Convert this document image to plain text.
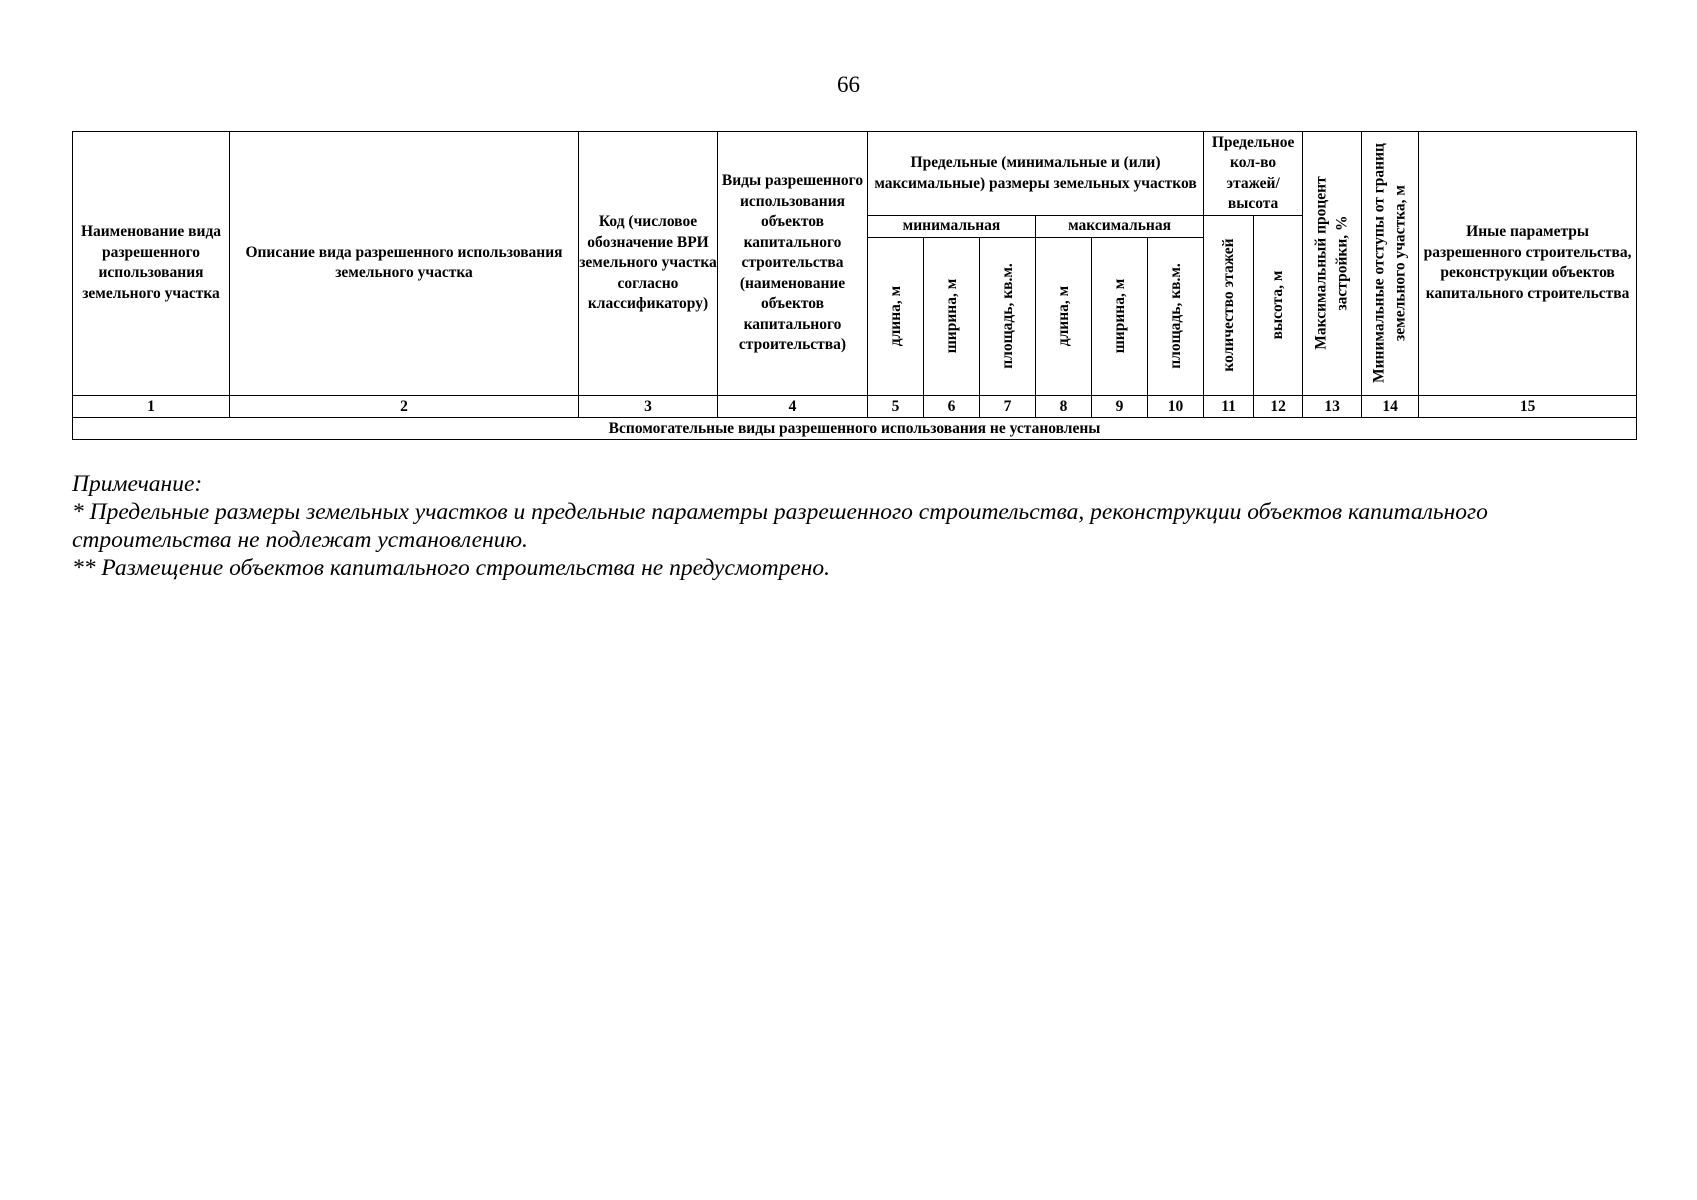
66
Наименование вида разрешенного использования земельного участка	Описание вида разрешенного использования земельного участка	Код (числовое обозначение ВРИ земельного участка согласно классификатору)	Виды разрешенного использования объектов капитального строительства (наименование объектов капитального строительства)	Предельные (минимальные и (или) максимальные) размеры земельных участков						Предельное кол-во этажей/ высота		Максимальный процент застройки, %	Минимальные отступы от границ земельного участка, м	Иные параметры разрешенного строительства, реконструкции объектов капитального строительства
				минимальная			максимальная			количество этажей	высота, м			

				длина, м	ширина, м	площадь, кв.м.	длина, м	ширина, м	площадь, кв.м.					

1	2	3	4	5	6	7	8	9	10	11	12	13	14	15
Вспомогательные виды разрешенного использования не установлены														
Примечание:
* Предельные размеры земельных участков и предельные параметры разрешенного строительства, реконструкции объектов капитального строительства не подлежат установлению.
** Размещение объектов капитального строительства не предусмотрено.
